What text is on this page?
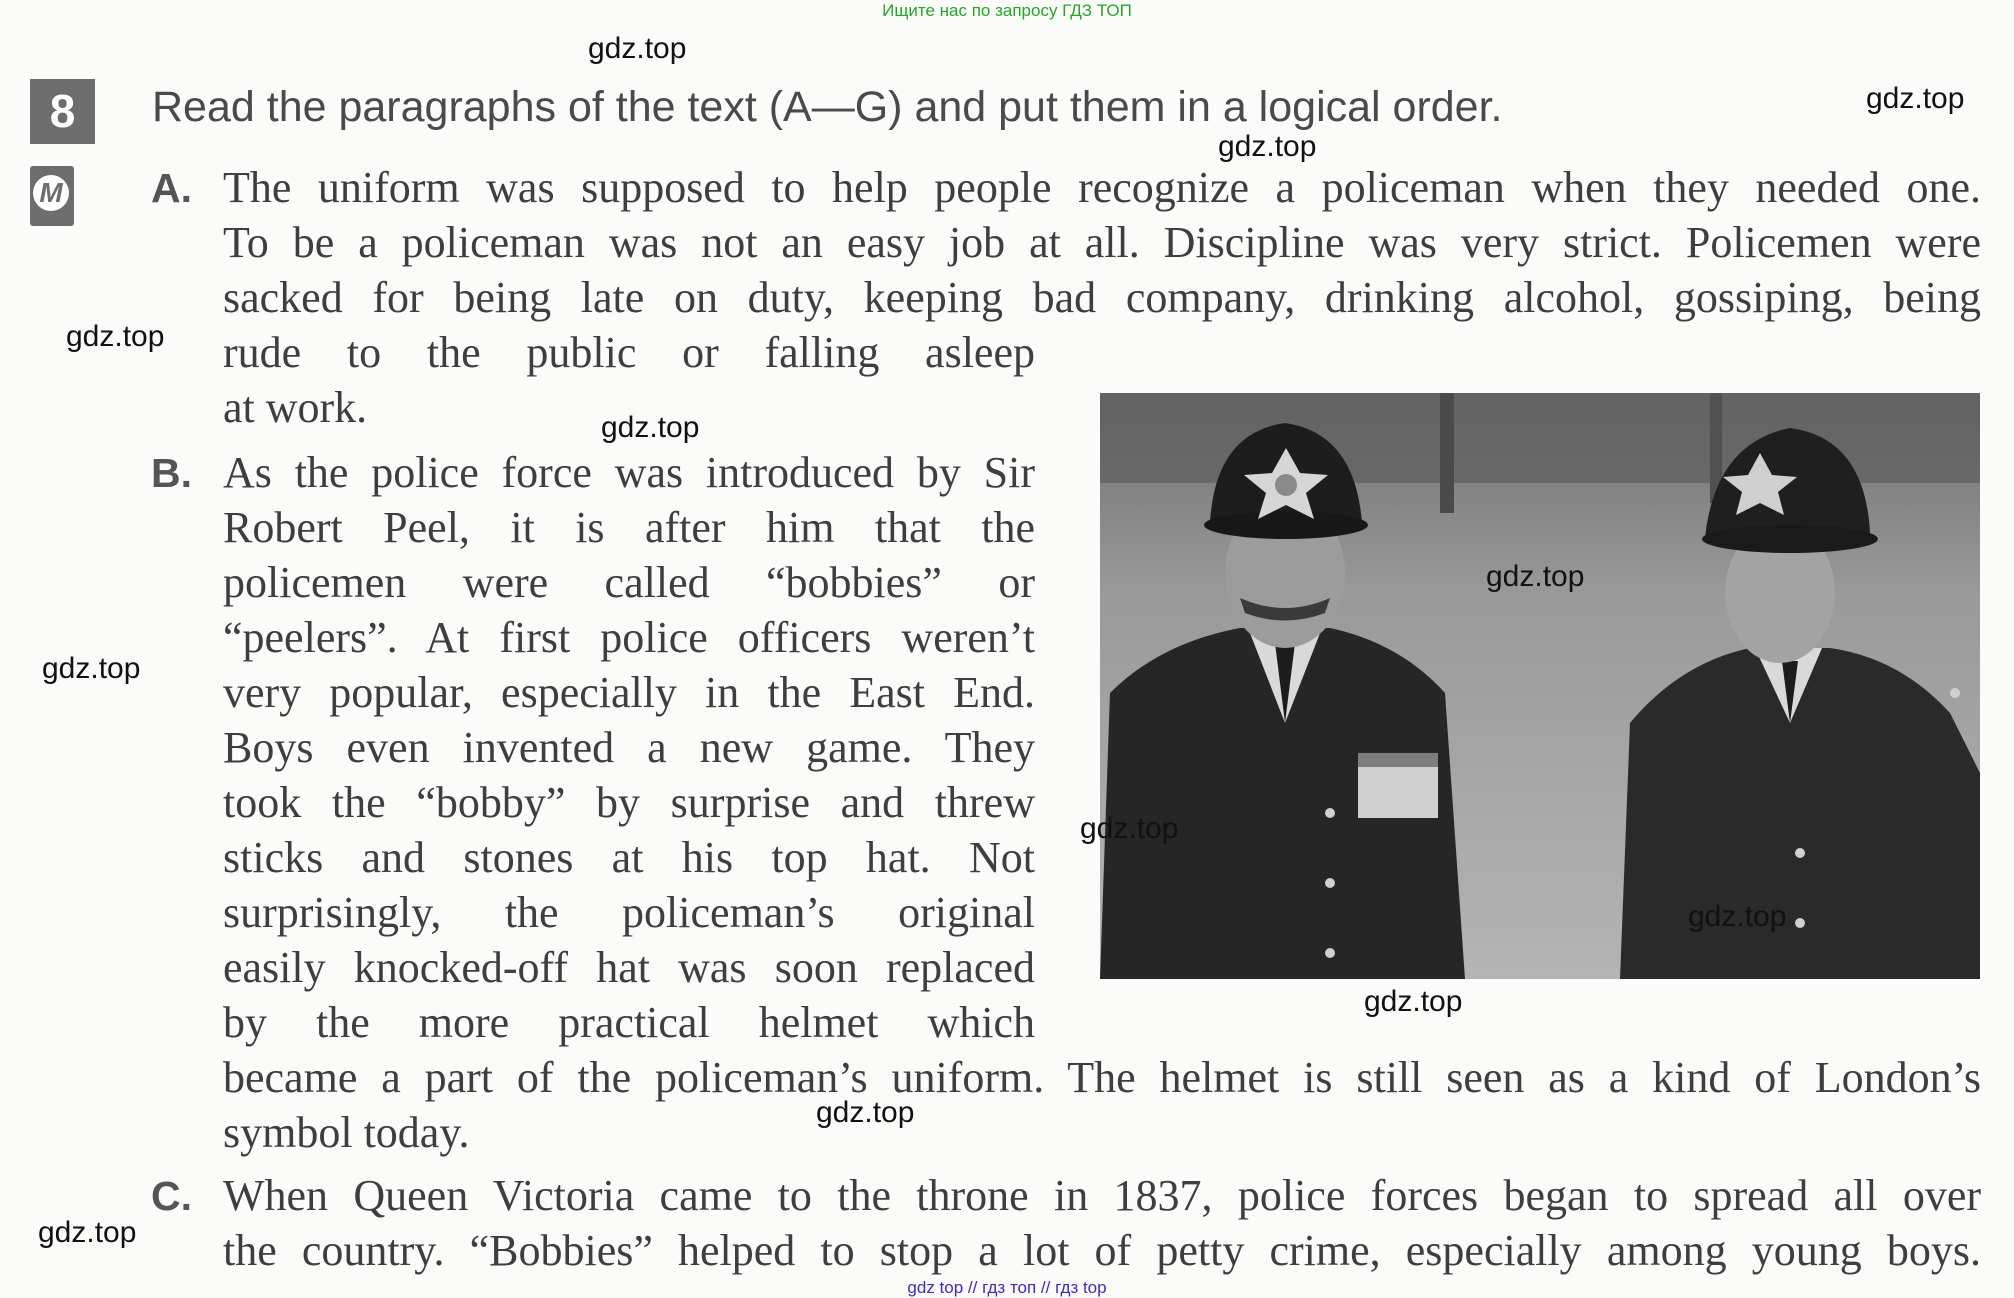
Ищите нас по запросу ГДЗ ТОП
8
M
Read the paragraphs of the text (A—G) and put them in a logical order.
A. The uniform was supposed to help people recognize a policeman when they needed one.
To be a policeman was not an easy job at all. Discipline was very strict. Policemen were
sacked for being late on duty, keeping bad company, drinking alcohol, gossiping, being
rude to the public or falling asleep
at work.
B. As the police force was introduced by Sir
Robert Peel, it is after him that the
policemen were called “bobbies” or
“peelers”. At first police officers weren’t
very popular, especially in the East End.
Boys even invented a new game. They
took the “bobby” by surprise and threw
sticks and stones at his top hat. Not
surprisingly, the policeman’s original
easily knocked-off hat was soon replaced
by the more practical helmet which
became a part of the policeman’s uniform. The helmet is still seen as a kind of London’s
symbol today.
C. When Queen Victoria came to the throne in 1837, police forces began to spread all over
the country. “Bobbies” helped to stop a lot of petty crime, especially among young boys.
gdz.top
gdz.top
gdz.top
gdz.top
gdz.top
gdz.top
gdz.top
gdz.top
gdz.top
gdz.top
gdz.top
gdz.top
gdz top // гдз топ // гдз top
